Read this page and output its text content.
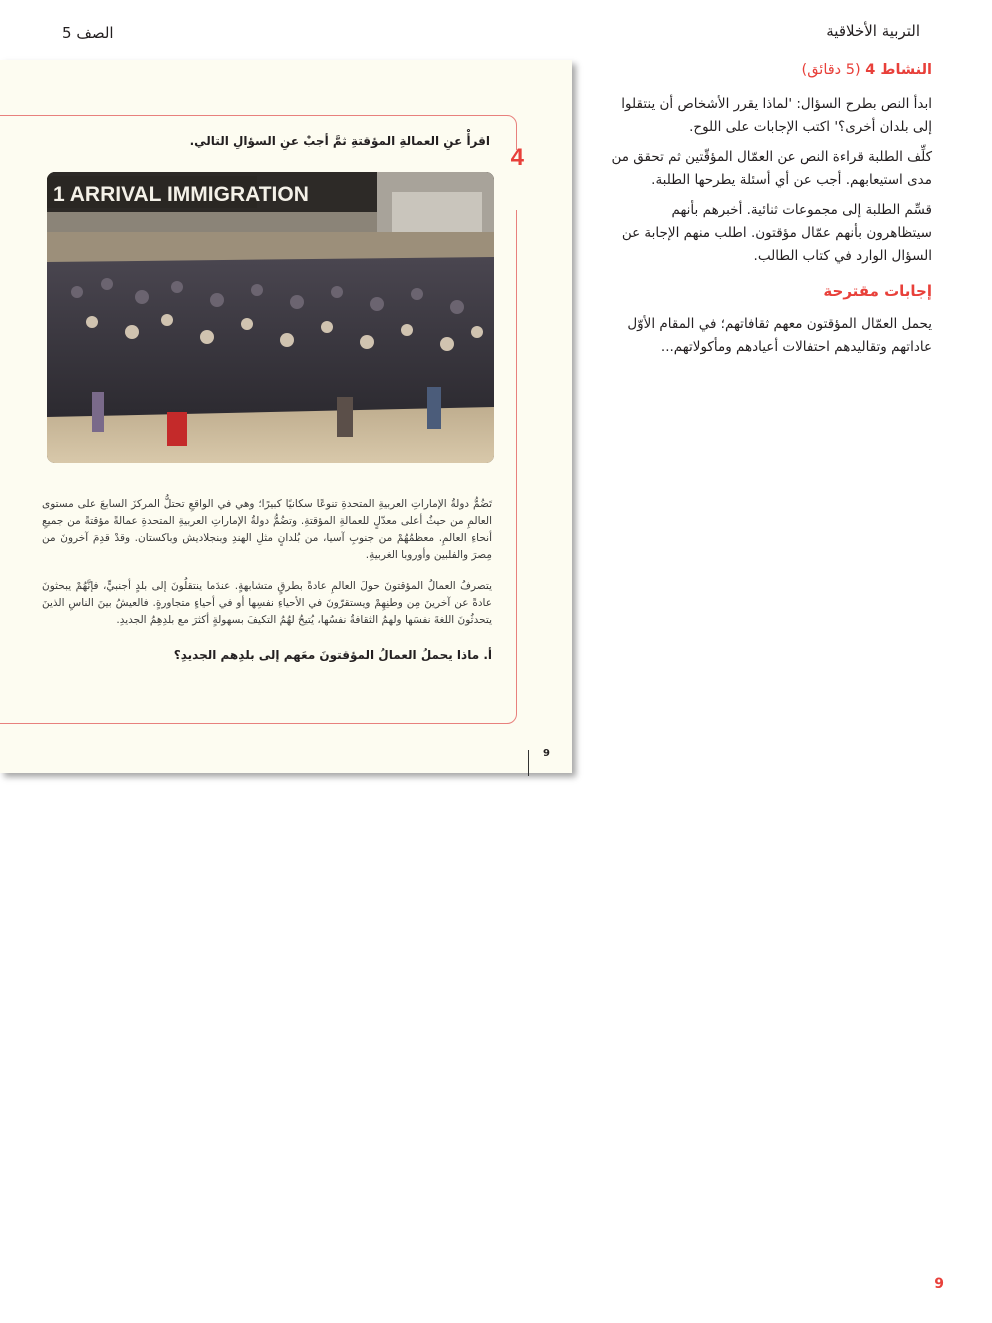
التربية الأخلاقية
الصف 5
4
اقرأْ عنِ العمالةِ المؤقتةِ ثمَّ أجبْ عنِ السؤالِ التالي.
1 ARRIVAL IMMIGRATION

تَضُمُّ دولةُ الإماراتِ العربيةِ المتحدةِ تنوعًا سكانيًا كبيرًا؛ وهي في الواقعِ تحتلُّ المركزَ السابعَ على مستوى العالمِ من حيثُ أعلى معدّلٍ للعمالةِ المؤقتةِ. وتضُمُّ دولةُ الإماراتِ العربيةِ المتحدةِ عمالةً مؤقتةً من جميعِ أنحاءِ العالمِ. معظمُهُمْ من جنوبِ آسيا، من بُلدانٍ مثلِ الهندِ وبنجلاديش وباكستان. وقدْ قدِمَ آخرونَ من مِصرَ والفلبين وأوروبا الغربيةِ.

يتصرفُ العمالُ المؤقتونَ حولَ العالمِ عادةً بطرقٍ متشابهةٍ. عندَما ينتقلُونَ إلى بلدٍ أجنبيٍّ، فإنَّهُمْ يبحثونَ عادةً عن آخرينَ مِن وطنِهِمْ ويستقرّونَ في الأحياءِ نفسِها أو في أحياءٍ متجاورةٍ. فالعيشُ بينَ الناسِ الذينَ يتحدثُونَ اللغةَ نفسَها ولهمُ الثقافةُ نفسُها، يُتيحُ لهُمُ التكيفَ بسهولةٍ أكثرَ مع بلدِهِمُ الجديدِ.

أ. ماذا يحملُ العمالُ المؤقتونَ معَهم إلى بلدِهم الجديدِ؟
9
النشاط 4 (5 دقائق)
ابدأ النص بطرح السؤال: 'لماذا يقرر الأشخاص أن ينتقلوا إلى بلدان أخرى؟' اكتب الإجابات على اللوح.
كلِّف الطلبة قراءة النص عن العمّال المؤقّتين ثم تحقق من مدى استيعابهم. أجب عن أي أسئلة يطرحها الطلبة.
قسِّم الطلبة إلى مجموعات ثنائية. أخبرهم بأنهم سيتظاهرون بأنهم عمّال مؤقتون. اطلب منهم الإجابة عن السؤال الوارد في كتاب الطالب.
إجابات مقترحة
يحمل العمّال المؤقتون معهم ثقافاتهم؛ في المقام الأوّل عاداتهم وتقاليدهم احتفالات أعيادهم ومأكولاتهم...
9
